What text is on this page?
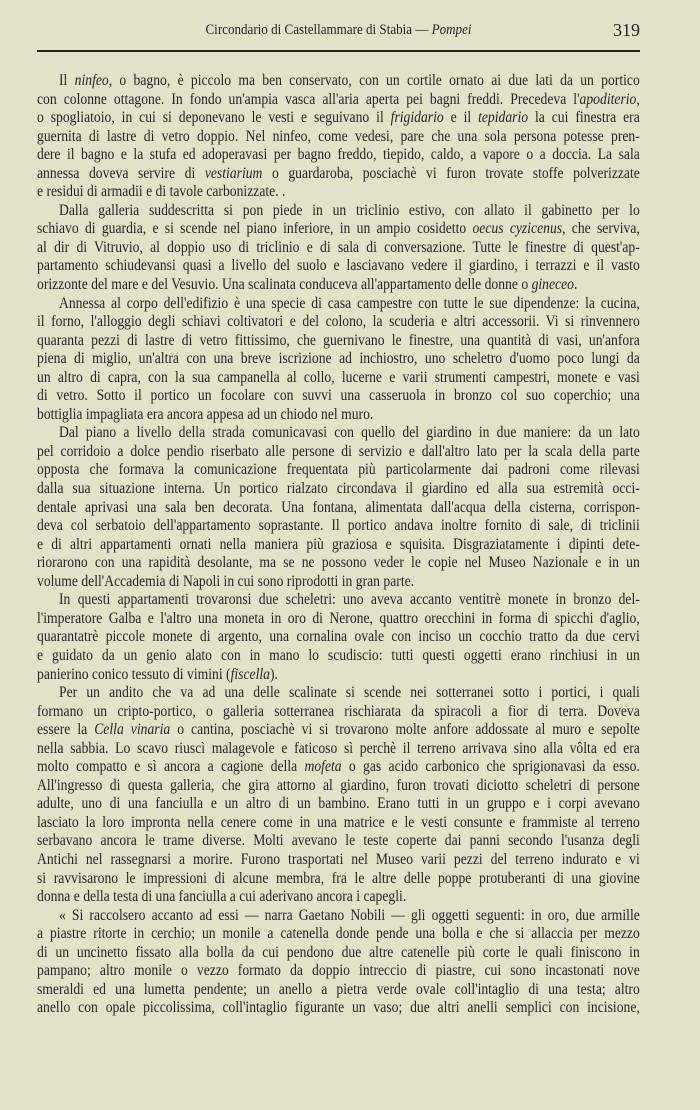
Circondario di Castellammare di Stabia — Pompei	319
Il ninfeo, o bagno, è piccolo ma ben conservato, con un cortile ornato ai due lati da un portico
con colonne ottagone. In fondo un'ampia vasca all'aria aperta pei bagni freddi. Precedeva l'apoditerio,
o spogliatoio, in cui si deponevano le vesti e seguivano il frigidario e il tepidario la cui finestra era
guernita di lastre di vetro doppio. Nel ninfeo, come vedesi, pare che una sola persona potesse pren-
dere il bagno e la stufa ed adoperavasi per bagno freddo, tiepido, caldo, a vapore o a doccia. La sala
annessa doveva servire di vestiarium o guardaroba, posciachè vi furon trovate stoffe polverizzate
e residui di armadii e di tavole carbonizzate. .
Dalla galleria suddescritta si pon piede in un triclinio estivo, con allato il gabinetto per lo
schiavo di guardia, e si scende nel piano inferiore, in un ampio cosidetto oecus cyzicenus, che serviva,
al dir di Vitruvio, al doppio uso di triclinio e di sala di conversazione. Tutte le finestre di quest'ap-
partamento schiudevansi quasi a livello del suolo e lasciavano vedere il giardino, i terrazzi e il vasto
orizzonte del mare e del Vesuvio. Una scalinata conduceva all'appartamento delle donne o gineceo.
Annessa al corpo dell'edifizio è una specie di casa campestre con tutte le sue dipendenze: la cucina,
il forno, l'alloggio degli schiavi coltivatori e del colono, la scuderia e altri accessorii. Vi si rinvennero
quaranta pezzi di lastre di vetro fittissimo, che guernivano le finestre, una quantità di vasi, un'anfora
piena di miglio, un'altra con una breve iscrizione ad inchiostro, uno scheletro d'uomo poco lungi da
un altro di capra, con la sua campanella al collo, lucerne e varii strumenti campestri, monete e vasi
di vetro. Sotto il portico un focolare con suvvi una casseruola in bronzo col suo coperchio; una
bottiglia impagliata era ancora appesa ad un chiodo nel muro.
Dal piano a livello della strada comunicavasi con quello del giardino in due maniere: da un lato
pel corridoio a dolce pendio riserbato alle persone di servizio e dall'altro lato per la scala della parte
opposta che formava la comunicazione frequentata più particolarmente dai padroni come rilevasi
dalla sua situazione interna. Un portico rialzato circondava il giardino ed alla sua estremità occi-
dentale aprivasi una sala ben decorata. Una fontana, alimentata dall'acqua della cisterna, corrispon-
deva col serbatoio dell'appartamento soprastante. Il portico andava inoltre fornito di sale, di triclinii
e di altri appartamenti ornati nella maniera più graziosa e squisita. Disgraziatamente i dipinti dete-
riorarono con una rapidità desolante, ma se ne possono veder le copie nel Museo Nazionale e in un
volume dell'Accademia di Napoli in cui sono riprodotti in gran parte.
In questi appartamenti trovaronsi due scheletri: uno aveva accanto ventitrè monete in bronzo del-
l'imperatore Galba e l'altro una moneta in oro di Nerone, quattro orecchini in forma di spicchi d'aglio,
quarantatrè piccole monete di argento, una cornalina ovale con inciso un cocchio tratto da due cervi
e guidato da un genio alato con in mano lo scudiscio: tutti questi oggetti erano rinchiusi in un
panierino conico tessuto di vimini (fiscella).
Per un andito che va ad una delle scalinate si scende nei sotterranei sotto i portici, i quali
formano un cripto-portico, o galleria sotterranea rischiarata da spiracoli a fior di terra. Doveva
essere la Cella vinaria o cantina, posciachè vi si trovarono molte anfore addossate al muro e sepolte
nella sabbia. Lo scavo riuscì malagevole e faticoso sì perchè il terreno arrivava sino alla vôlta ed era
molto compatto e sì ancora a cagione della mofeta o gas acido carbonico che sprigionavasi da esso.
All'ingresso di questa galleria, che gira attorno al giardino, furon trovati diciotto scheletri di persone
adulte, uno di una fanciulla e un altro di un bambino. Erano tutti in un gruppo e i corpi avevano
lasciato la loro impronta nella cenere come in una matrice e le vesti consunte e frammiste al terreno
serbavano ancora le trame diverse. Molti avevano le teste coperte dai panni secondo l'usanza degli
Antichi nel rassegnarsi a morire. Furono trasportati nel Museo varii pezzi del terreno indurato e vi
si ravvisarono le impressioni di alcune membra, fra le altre delle poppe protuberanti di una giovine
donna e della testa di una fanciulla a cui aderivano ancora i capegli.
« Si raccolsero accanto ad essi — narra Gaetano Nobili — gli oggetti seguenti: in oro, due armille
a piastre ritorte in cerchio; un monile a catenella donde pende una bolla e che si allaccia per mezzo
di un uncinetto fissato alla bolla da cui pendono due altre catenelle più corte le quali finiscono in
pampano; altro monile o vezzo formato da doppio intreccio di piastre, cui sono incastonati nove
smeraldi ed una lumetta pendente; un anello a pietra verde ovale coll'intaglio di una testa; altro
anello con opale piccolissima, coll'intaglio figurante un vaso; due altri anelli semplici con incisione,
